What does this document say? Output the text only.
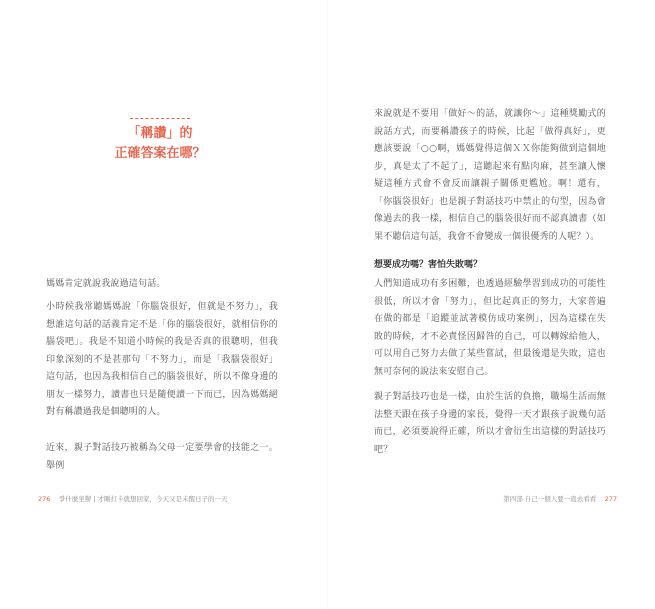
「稱讚」的
正確答案在哪？
媽媽肯定就說我說過這句話。
小時候我常聽媽媽說「你腦袋很好，但就是不努力」，我想誰這句話的話義肯定不是「你的腦袋很好，就相信你的腦袋吧」。我是不知道小時候的我是否真的很聰明，但我印象深刻的不是甚那句「不努力」，而是「我腦袋很好」這句話，也因為我相信自己的腦袋很好，所以不像身邊的朋友一樣努力，讀書也只是隨便讀一下而已，因為媽媽絕對有稱讚過我是個聰明的人。
近來，親子對話技巧被稱為父母一定要學會的技能之一。舉例
276 爭什麼坐辦 | 才剛打卡就想回家，今天又是未醒日子的一天
來說就是不要用「做好～的話，就讓你～」這種獎勵式的說話方式，而要稱讚孩子的時候，比起「做得真好」，更應該要說「○○啊，媽媽覺得這個ＸＸ你能夠做到這個地步，真是太了不起了」，這聽起來有點肉麻，甚至讓人懷疑這種方式會不會反而讓親子關係更尷尬。啊！還有，「你腦袋很好」也是親子對話技巧中禁止的句型，因為會像過去的我一樣，相信自己的腦袋很好而不認真讀書（如果不聽信這句話，我會不會變成一個很優秀的人呢？）。
想要成功嗎？害怕失敗嗎？
人們知道成功有多困難，也透過經驗學習到成功的可能性很低，所以才會「努力」，但比起真正的努力，大家普遍在做的都是「追蹤並試著模仿成功案例」，因為這樣在失敗的時候，才不必責怪因歸咎的自己，可以轉嫁給他人，可以用自己努力去做了某些嘗試，但最後還是失敗，這也無可奈何的說法來安慰自己。
親子對話技巧也是一樣，由於生活的負擔，職場生活而無法整天跟在孩子身邊的家長，覺得一天才跟孩子說幾句話而已，必須要說得正確，所以才會衍生出這樣的對話技巧吧？
第四部 自己一個人要一直去看看 277
